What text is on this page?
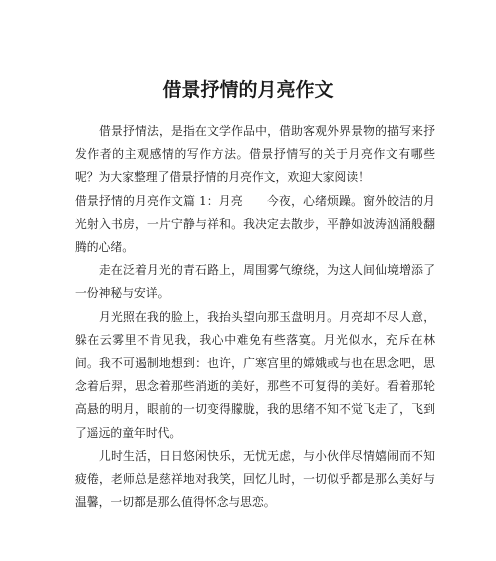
借景抒情的月亮作文

借景抒情法，是指在文学作品中，借助客观外界景物的描写来抒发作者的主观感情的写作方法。借景抒情写的关于月亮作文有哪些呢？为大家整理了借景抒情的月亮作文，欢迎大家阅读！

借景抒情的月亮作文篇 1：月亮 今夜，心绪烦躁。窗外皎洁的月光射入书房，一片宁静与祥和。我决定去散步，平静如波涛汹涌般翻腾的心绪。

走在泛着月光的青石路上，周围雾气缭绕，为这人间仙境增添了一份神秘与安详。

月光照在我的脸上，我抬头望向那玉盘明月。月亮却不尽人意，躲在云雾里不肯见我，我心中难免有些落寞。月光似水，充斥在林间。我不可遏制地想到：也许，广寒宫里的嫦娥或与也在思念吧，思念着后羿，思念着那些消逝的美好，那些不可复得的美好。看着那轮高悬的明月，眼前的一切变得朦胧，我的思绪不知不觉飞走了，飞到了遥远的童年时代。

儿时生活，日日悠闲快乐，无忧无虑，与小伙伴尽情嬉闹而不知疲倦，老师总是慈祥地对我笑，回忆儿时，一切似乎都是那么美好与温馨，一切都是那么值得怀念与思恋。
